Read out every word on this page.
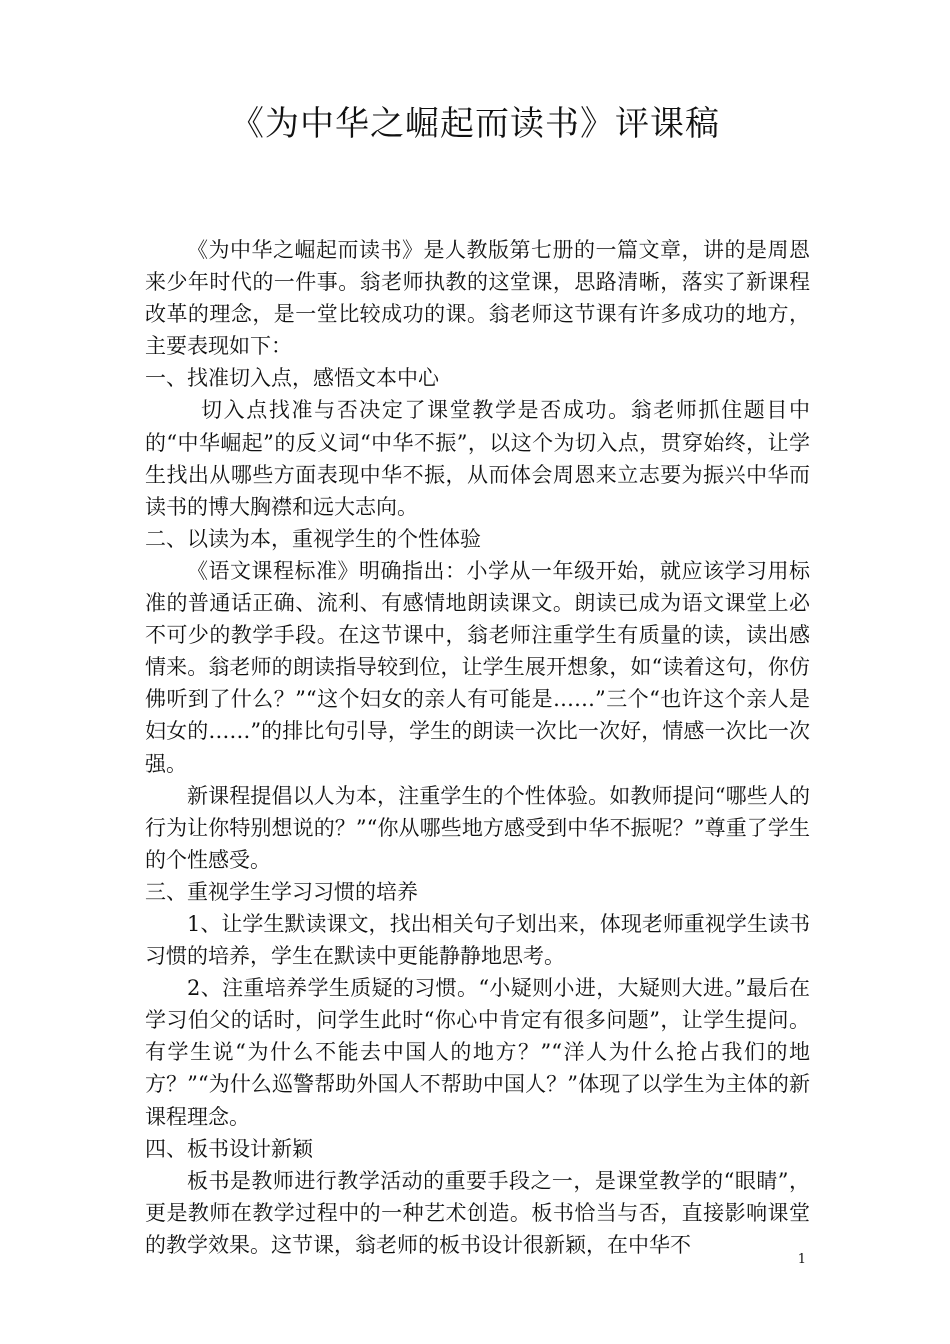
《为中华之崛起而读书》评课稿

《为中华之崛起而读书》是人教版第七册的一篇文章，讲的是周恩来少年时代的一件事。翁老师执教的这堂课，思路清晰，落实了新课程改革的理念，是一堂比较成功的课。翁老师这节课有许多成功的地方，主要表现如下：

一、找准切入点，感悟文本中心

切入点找准与否决定了课堂教学是否成功。翁老师抓住题目中的“中华崛起”的反义词“中华不振”，以这个为切入点，贯穿始终，让学生找出从哪些方面表现中华不振，从而体会周恩来立志要为振兴中华而读书的博大胸襟和远大志向。

二、以读为本，重视学生的个性体验

《语文课程标准》明确指出：小学从一年级开始，就应该学习用标准的普通话正确、流利、有感情地朗读课文。朗读已成为语文课堂上必不可少的教学手段。在这节课中，翁老师注重学生有质量的读，读出感情来。翁老师的朗读指导较到位，让学生展开想象，如“读着这句，你仿佛听到了什么？”“这个妇女的亲人有可能是……”三个“也许这个亲人是妇女的……”的排比句引导，学生的朗读一次比一次好，情感一次比一次强。

新课程提倡以人为本，注重学生的个性体验。如教师提问“哪些人的行为让你特别想说的？”“你从哪些地方感受到中华不振呢？”尊重了学生的个性感受。

三、重视学生学习习惯的培养

1、让学生默读课文，找出相关句子划出来，体现老师重视学生读书习惯的培养，学生在默读中更能静静地思考。

2、注重培养学生质疑的习惯。“小疑则小进，大疑则大进。”最后在学习伯父的话时，问学生此时“你心中肯定有很多问题”，让学生提问。有学生说“为什么不能去中国人的地方？”“洋人为什么抢占我们的地方？”“为什么巡警帮助外国人不帮助中国人？”体现了以学生为主体的新课程理念。

四、板书设计新颖

板书是教师进行教学活动的重要手段之一，是课堂教学的“眼睛”，更是教师在教学过程中的一种艺术创造。板书恰当与否，直接影响课堂的教学效果。这节课，翁老师的板书设计很新颖，在中华不

1
